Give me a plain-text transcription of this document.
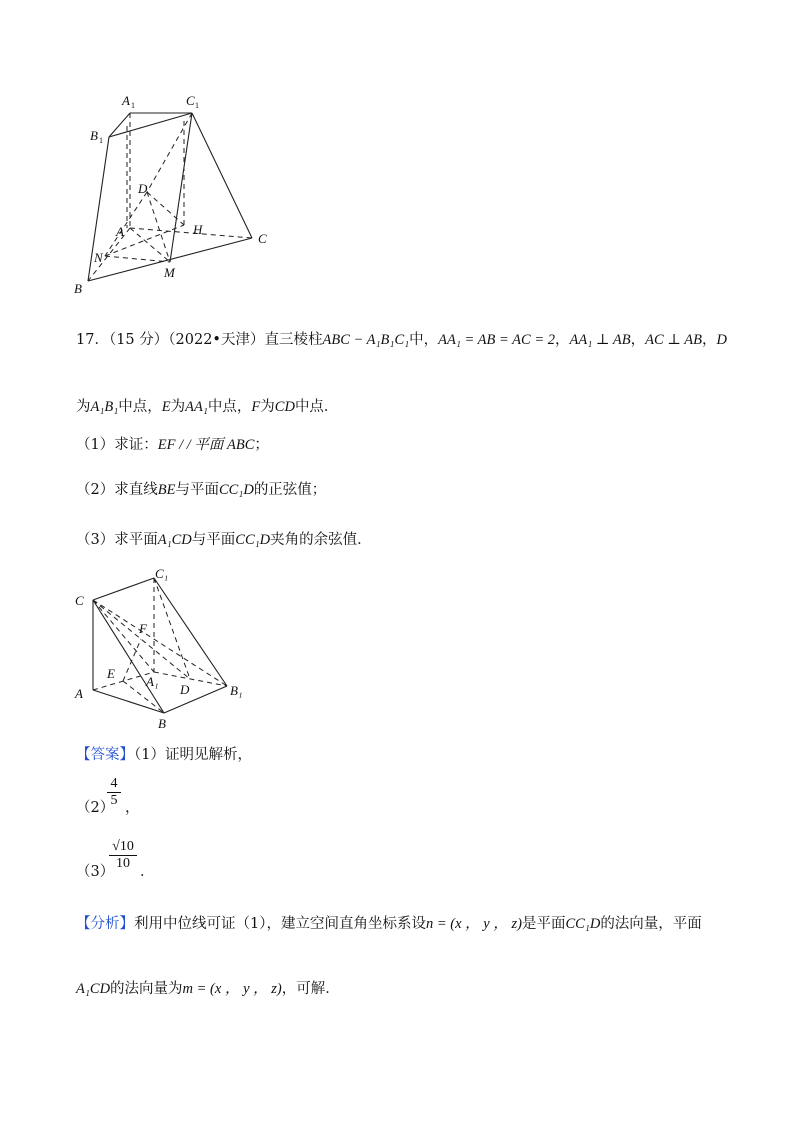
A 1	C 1
B 1
D
A	H
C
N
M
B
17．（15 分）（2022•天津）直三棱柱ABC − A₁B₁C₁中，AA₁ = AB = AC = 2，AA₁ ⊥ AB，AC ⊥ AB，D
为A₁B₁中点，E为AA₁中点，F为CD中点．
（1）求证：EF / / 平面 ABC；
（2）求直线BE与平面CC₁D的正弦值；
（3）求平面A₁CD与平面CC₁D夹角的余弦值．
C₁
C
F
E
A₁
D	B₁
A
B
【答案】（1）证明见解析，
（2）
$\frac{4}{5}$ ，
（3）
$\frac{√10}{10}$ ．
【分析】利用中位线可证（1），建立空间直角坐标系设n = (x ， y ， z)是平面CC₁D的法向量，平面
A₁CD的法向量为m = (x ， y ， z)，可解．
